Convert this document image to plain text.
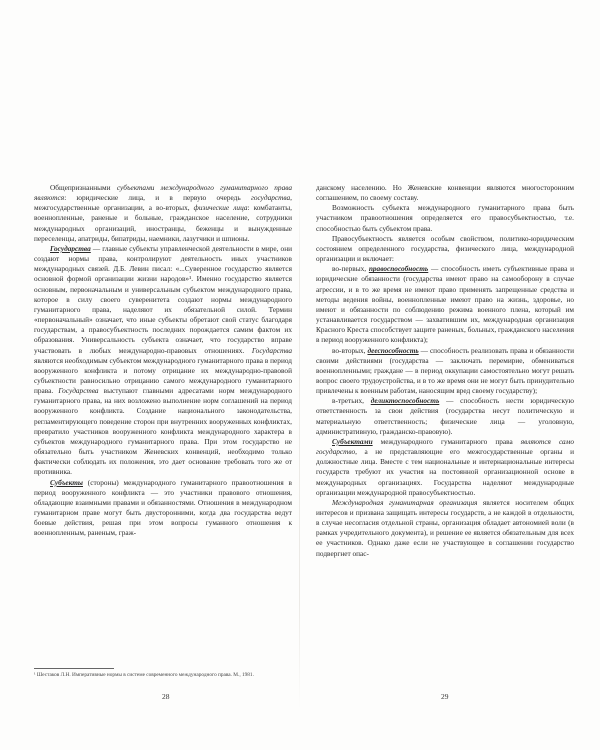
Общепризнанными субъектами международного гуманитарного права являются: юридические лица, и в первую очередь государства, межгосударственные организации, а во-вторых, физические лица: комбатанты, военнопленные, раненые и больные, гражданское население, сотрудники международных организаций, иностранцы, беженцы и вынужденные переселенцы, апатриды, бипатриды, наемники, лазутчики и шпионы.

Государства — главные субъекты управленческой деятельности в мире, они создают нормы права, контролируют деятельность иных участников международных связей. Д.Б. Левин писал: «...Суверенное государство является основной формой организации жизни народов»¹. Именно государство является основным, первоначальным и универсальным субъектом международного права, которое в силу своего суверенитета создают нормы международного гуманитарного права, наделяют их обязательной силой. Термин «первоначальный» означает, что иные субъекты обретают свой статус благодаря государствам, а правосубъектность последних порождается самим фактом их образования. Универсальность субъекта означает, что государство вправе участвовать в любых международно-правовых отношениях. Государства являются необходимым субъектом международного гуманитарного права в период вооруженного конфликта и потому отрицание их международно-правовой субъектности равносильно отрицанию самого международного гуманитарного права. Государства выступают главными адресатами норм международного гуманитарного права, на них возложено выполнение норм соглашений на период вооруженного конфликта. Создание национального законодательства, регламентирующего поведение сторон при внутренних вооруженных конфликтах, превратило участников вооруженного конфликта международного характера в субъектов международного гуманитарного права. При этом государство не обязательно быть участником Женевских конвенций, необходимо только фактически соблюдать их положения, это дает основание требовать того же от противника.

Субъекты (стороны) международного гуманитарного правоотношения в период вооруженного конфликта — это участники правового отношения, обладающие взаимными правами и обязанностями. Отношения в международном гуманитарном праве могут быть двусторонними, когда два государства ведут боевые действия, решая при этом вопросы гуманного отношения к военнопленным, раненым, граж-

¹ Шестаков Л.Н. Императивные нормы в системе современного международного права. М., 1981.
28

данскому населению. Но Женевские конвенции являются многосторонним соглашением, по своему составу.

Возможность субъекта международного гуманитарного права быть участником правоотношения определяется его правосубъектностью, т.е. способностью быть субъектом права.

Правосубъектность является особым свойством, политико-юридическим состоянием определенного государства, физического лица, международной организации и включает:

во-первых, правоспособность — способность иметь субъективные права и юридические обязанности (государства имеют право на самооборону в случае агрессии, и в то же время не имеют право применять запрещенные средства и методы ведения войны, военнопленные имеют право на жизнь, здоровье, но имеют и обязанности по соблюдению режима военного плена, который им устанавливается государством — захватившим их, международная организация Красного Креста способствует защите раненых, больных, гражданского населения в период вооруженного конфликта);

во-вторых, дееспособность — способность реализовать права и обязанности своими действиями (государства — заключать перемирие, обмениваться военнопленными; граждане — в период оккупации самостоятельно могут решать вопрос своего трудоустройства, и в то же время они не могут быть принудительно привлечены к военным работам, наносящим вред своему государству);

в-третьих, деликтоспособность — способность нести юридическую ответственность за свои действия (государства несут политическую и материальную ответственность; физические лица — уголовную, административную, гражданско-правовую).

Субъектами международного гуманитарного права являются само государство, а не представляющие его межгосударственные органы и должностные лица. Вместе с тем национальные и интернациональные интересы государств требуют их участия на постоянной организационной основе в международных организациях. Государства наделяют международные организации международной правосубъектностью.

Международная гуманитарная организация является носителем общих интересов и призвана защищать интересы государств, а не каждой в отдельности, в случае несогласия отдельной страны, организация обладает автономией воли (в рамках учредительного документа), и решение ее является обязательным для всех ее участников. Однако даже если не участвующее в соглашении государство подвергнет опас-

29
